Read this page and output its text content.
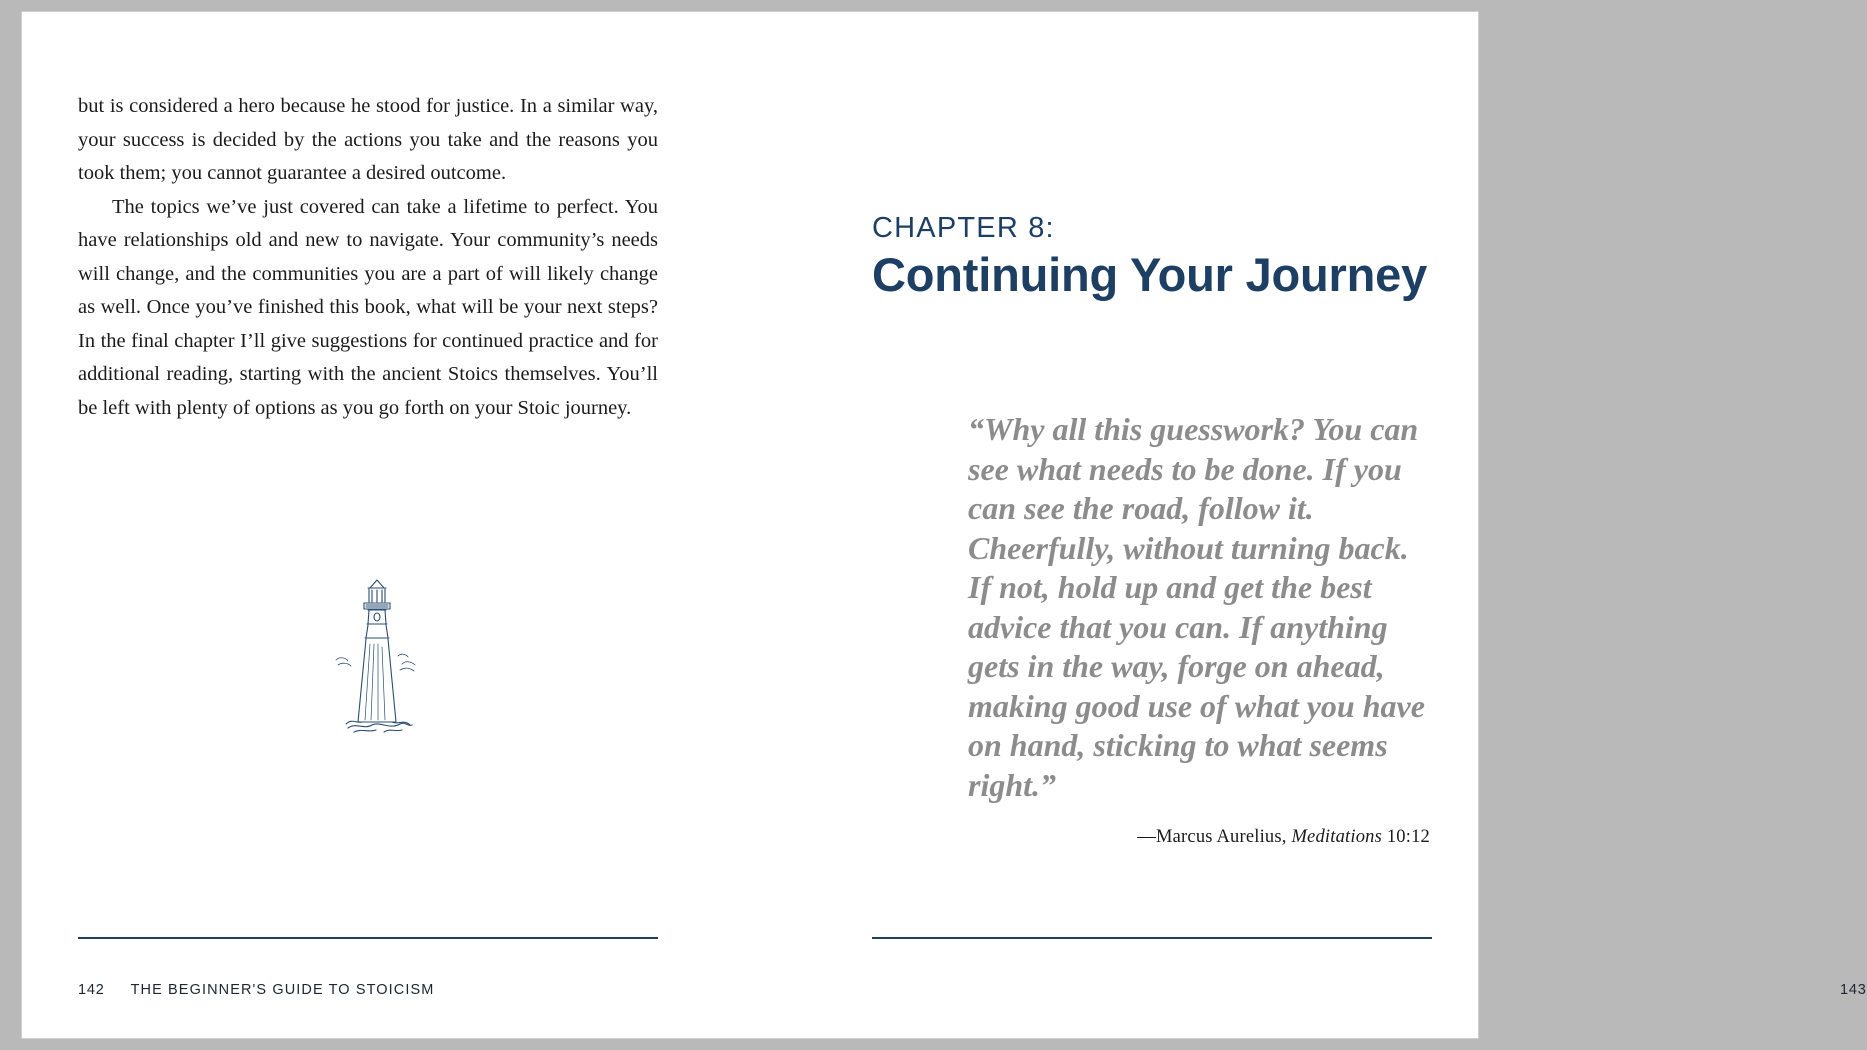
but is considered a hero because he stood for justice. In a similar way, your success is decided by the actions you take and the reasons you took them; you cannot guarantee a desired outcome.

The topics we’ve just covered can take a lifetime to perfect. You have relationships old and new to navigate. Your community’s needs will change, and the communities you are a part of will likely change as well. Once you’ve finished this book, what will be your next steps? In the final chapter I’ll give suggestions for continued practice and for additional reading, starting with the ancient Stoics themselves. You’ll be left with plenty of options as you go forth on your Stoic journey.

142 THE BEGINNER'S GUIDE TO STOICISM
CHAPTER 8:
Continuing Your Journey

“Why all this guesswork? You can see what needs to be done. If you can see the road, follow it. Cheerfully, without turning back. If not, hold up and get the best advice that you can. If anything gets in the way, forge on ahead, making good use of what you have on hand, sticking to what seems right.”

—Marcus Aurelius, Meditations 10:12

143
